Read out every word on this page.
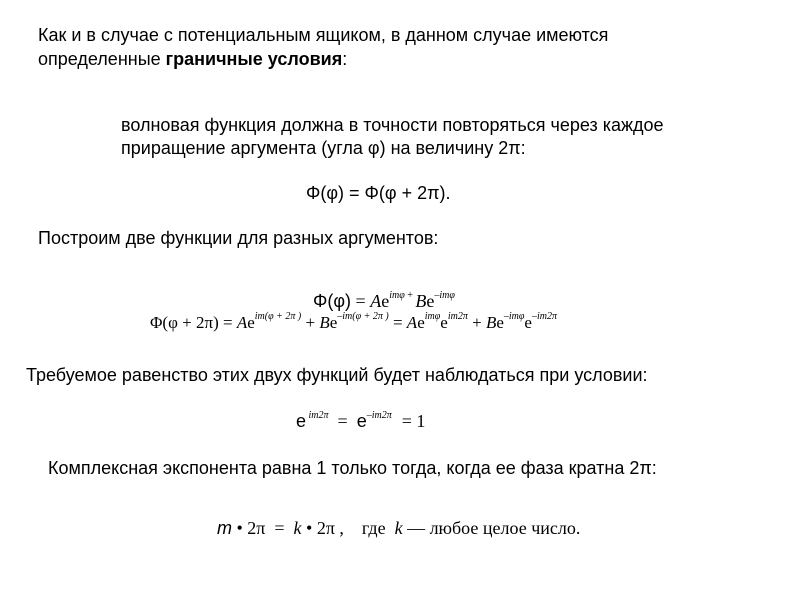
Как и в случае с потенциальным ящиком, в данном случае имеются
определенные граничные условия:
волновая функция должна в точности повторяться через каждое
приращение аргумента (угла φ) на величину 2π:
Φ(φ) = Φ(φ + 2π).
Построим две функции для разных аргументов:
$\Phi(\varphi) = Ae^{im\varphi}$ + $Be^{-im\varphi}$
$\Phi(\varphi + 2\pi) = Ae^{im(\varphi + 2\pi )} + Be^{-im(\varphi + 2\pi )} = Ae^{im\varphi}e^{im2\pi} + Be^{-im\varphi}e^{-im2\pi}$
Требуемое равенство этих двух функций будет наблюдаться при условии:
e $^{im2\pi} = e^{-im2\pi} = 1$
Комплексная экспонента равна 1 только тогда, когда ее фаза кратна 2π:
m • 2π  =  k • 2π ,    где  k — любое целое число.
